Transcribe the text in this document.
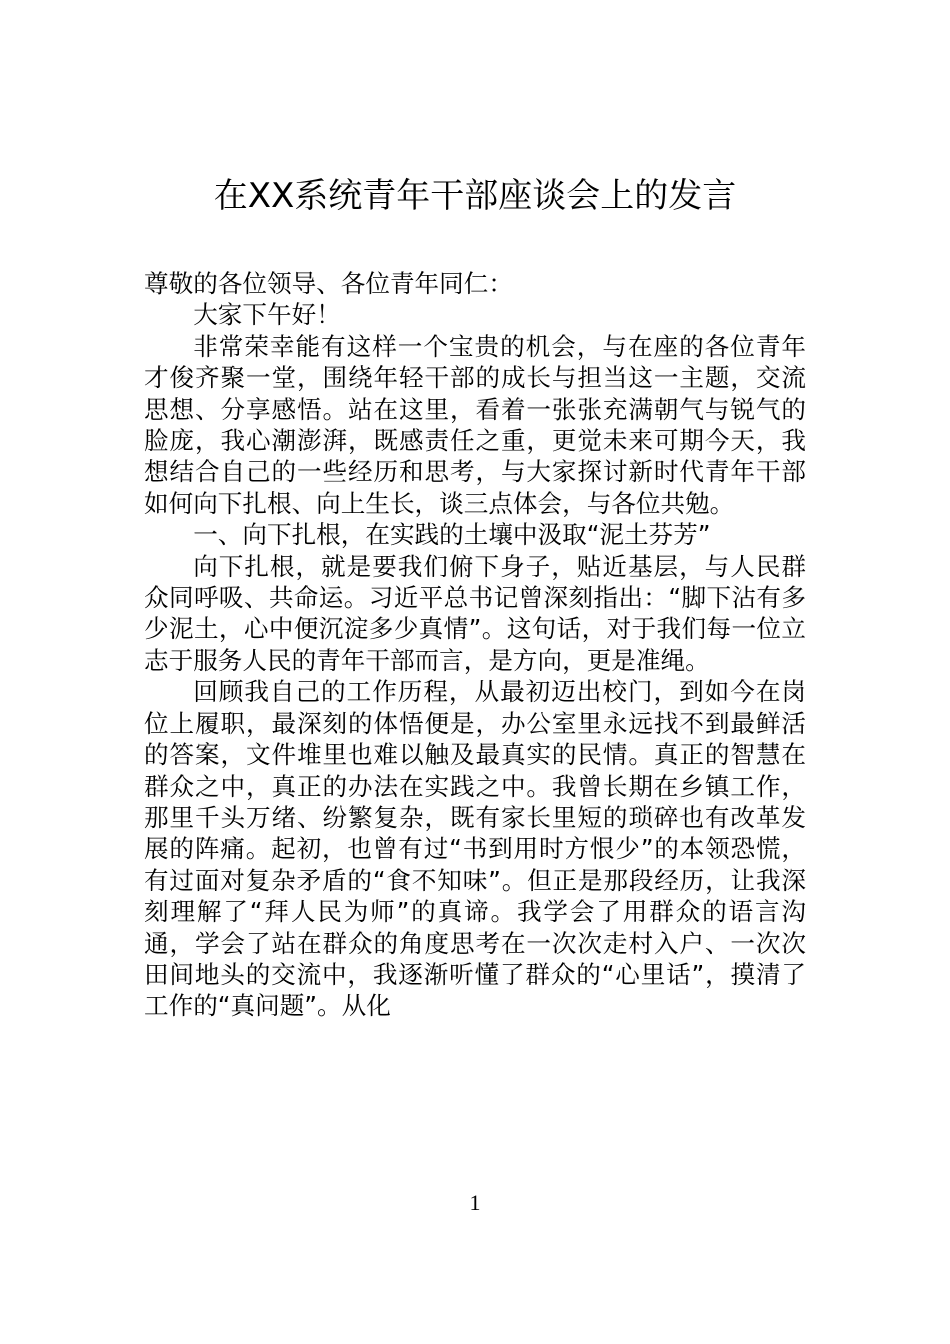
在XX系统青年干部座谈会上的发言

尊敬的各位领导、各位青年同仁：

大家下午好！

非常荣幸能有这样一个宝贵的机会，与在座的各位青年才俊齐聚一堂，围绕年轻干部的成长与担当这一主题，交流思想、分享感悟。站在这里，看着一张张充满朝气与锐气的脸庞，我心潮澎湃，既感责任之重，更觉未来可期今天，我想结合自己的一些经历和思考，与大家探讨新时代青年干部如何向下扎根、向上生长，谈三点体会，与各位共勉。

一、向下扎根，在实践的土壤中汲取“泥土芬芳”

向下扎根，就是要我们俯下身子，贴近基层，与人民群众同呼吸、共命运。习近平总书记曾深刻指出：“脚下沾有多少泥土，心中便沉淀多少真情”。这句话，对于我们每一位立志于服务人民的青年干部而言，是方向，更是准绳。

回顾我自己的工作历程，从最初迈出校门，到如今在岗位上履职，最深刻的体悟便是，办公室里永远找不到最鲜活的答案，文件堆里也难以触及最真实的民情。真正的智慧在群众之中，真正的办法在实践之中。我曾长期在乡镇工作，那里千头万绪、纷繁复杂，既有家长里短的琐碎也有改革发展的阵痛。起初，也曾有过“书到用时方恨少”的本领恐慌，有过面对复杂矛盾的“食不知味”。但正是那段经历，让我深刻理解了“拜人民为师”的真谛。我学会了用群众的语言沟通，学会了站在群众的角度思考在一次次走村入户、一次次田间地头的交流中，我逐渐听懂了群众的“心里话”，摸清了工作的“真问题”。从化

1
